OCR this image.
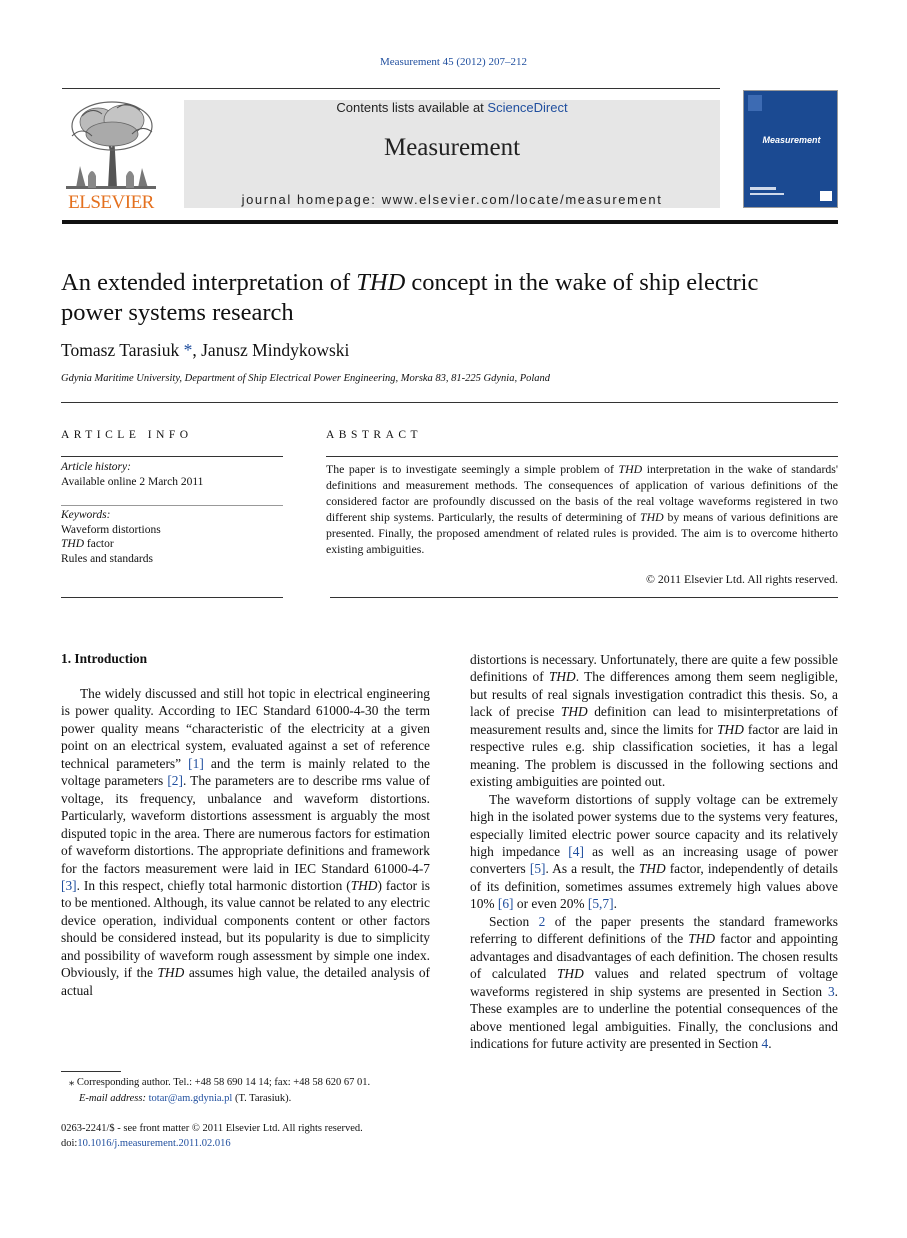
Measurement 45 (2012) 207–212
ELSEVIER
Contents lists available at ScienceDirect
Measurement
journal homepage: www.elsevier.com/locate/measurement
Measurement
An extended interpretation of THD concept in the wake of ship electric power systems research
Tomasz Tarasiuk *, Janusz Mindykowski
Gdynia Maritime University, Department of Ship Electrical Power Engineering, Morska 83, 81-225 Gdynia, Poland
ARTICLE INFO	ABSTRACT
Article history:
Available online 2 March 2011
Keywords:
Waveform distortions
THD factor
Rules and standards
The paper is to investigate seemingly a simple problem of THD interpretation in the wake of standards' definitions and measurement methods. The consequences of application of various definitions of the considered factor are profoundly discussed on the basis of the real voltage waveforms registered in two different ship systems. Particularly, the results of determining of THD by means of various definitions are presented. Finally, the proposed amendment of related rules is provided. The aim is to overcome hitherto existing ambiguities.
© 2011 Elsevier Ltd. All rights reserved.
1. Introduction

The widely discussed and still hot topic in electrical engineering is power quality. According to IEC Standard 61000-4-30 the term power quality means “characteristic of the electricity at a given point on an electrical system, evaluated against a set of reference technical parameters” [1] and the term is mainly related to the voltage parameters [2]. The parameters are to describe rms value of voltage, its frequency, unbalance and waveform distortions. Particularly, waveform distortions assessment is arguably the most disputed topic in the area. There are numerous factors for estimation of waveform distortions. The appropriate definitions and framework for the factors measurement were laid in IEC Standard 61000-4-7 [3]. In this respect, chiefly total harmonic distortion (THD) factor is to be mentioned. Although, its value cannot be related to any electric device operation, individual components content or other factors should be considered instead, but its popularity is due to simplicity and possibility of waveform rough assessment by simple one index. Obviously, if the THD assumes high value, the detailed analysis of actual

distortions is necessary. Unfortunately, there are quite a few possible definitions of THD. The differences among them seem negligible, but results of real signals investigation contradict this thesis. So, a lack of precise THD definition can lead to misinterpretations of measurement results and, since the limits for THD factor are laid in respective rules e.g. ship classification societies, it has a legal meaning. The problem is discussed in the following sections and existing ambiguities are pointed out.

The waveform distortions of supply voltage can be extremely high in the isolated power systems due to the systems very features, especially limited electric power source capacity and its relatively high impedance [4] as well as an increasing usage of power converters [5]. As a result, the THD factor, independently of details of its definition, sometimes assumes extremely high values above 10% [6] or even 20% [5,7].

Section 2 of the paper presents the standard frameworks referring to different definitions of the THD factor and appointing advantages and disadvantages of each definition. The chosen results of calculated THD values and related spectrum of voltage waveforms registered in ship systems are presented in Section 3. These examples are to underline the potential consequences of the above mentioned legal ambiguities. Finally, the conclusions and indications for future activity are presented in Section 4.

⁎ Corresponding author. Tel.: +48 58 690 14 14; fax: +48 58 620 67 01.
E-mail address: totar@am.gdynia.pl (T. Tarasiuk).
0263-2241/$ - see front matter © 2011 Elsevier Ltd. All rights reserved.
doi:10.1016/j.measurement.2011.02.016
